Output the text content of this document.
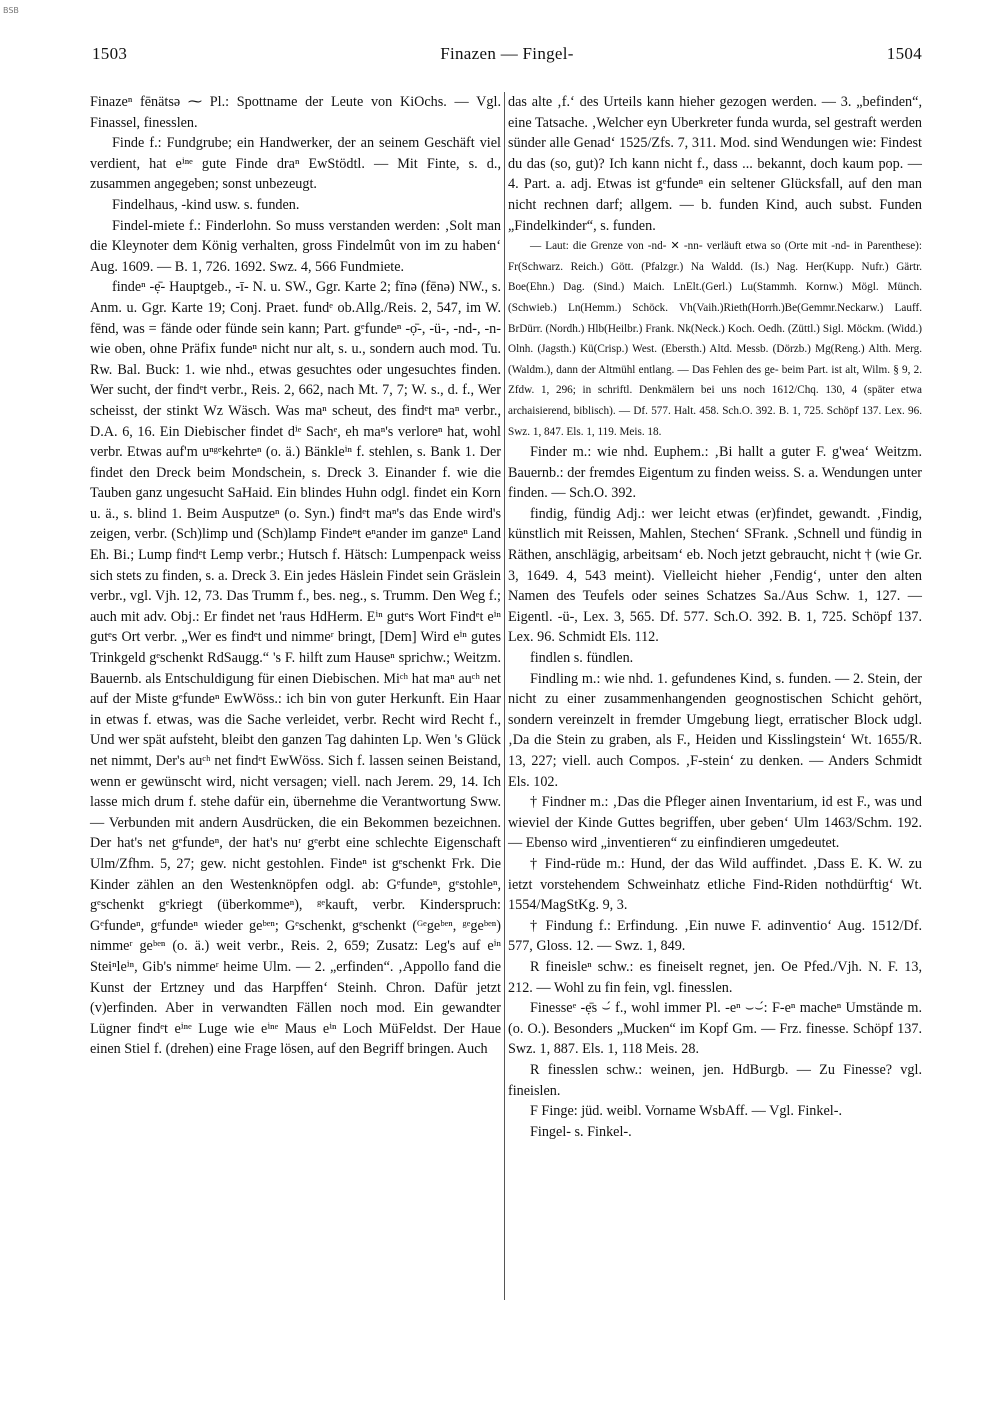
BSB
1503	Finazen — Fingel-	1504

Finazeⁿ fēnätsə ⁓ Pl.: Spottname der Leute von KiOchs. — Vgl. Finassel, finesslen.

Finde f.: Fundgrube; ein Handwerker, der an seinem Geschäft viel verdient, hat eⁱⁿᵉ gute Finde draⁿ EwStödtl. — Mit Finte, s. d., zusammen angegeben; sonst unbezeugt.

Findelhaus, -kind usw. s. funden.

Findel-miete f.: Finderlohn. So muss verstanden werden: ‚Solt man die Kleynoter dem König verhalten, gross Findelmût von im zu haben‘ Aug. 1609. — B. 1, 726. 1692. Swz. 4, 566 Fundmiete.

findeⁿ -ẹ̄- Hauptgeb., -ī- N. u. SW., Ggr. Karte 2; fīnə (fēnə) NW., s. Anm. u. Ggr. Karte 19; Conj. Praet. fundᵉ ob.Allg./Reis. 2, 547, im W. fēnd, was = fände oder fünde sein kann; Part. gᵉfundeⁿ -ọ̄-, -ü-, -nd-, -n- wie oben, ohne Präfix fundeⁿ nicht nur alt, s. u., sondern auch mod. Tu. Rw. Bal. Buck: 1. wie nhd., etwas gesuchtes oder ungesuchtes finden. Wer sucht, der findᵉt verbr., Reis. 2, 662, nach Mt. 7, 7; W. s., d. f., Wer scheisst, der stinkt Wz Wäsch. Was maⁿ scheut, des findᵉt maⁿ verbr., D.A. 6, 16. Ein Diebischer findet dⁱᵉ Sachᵉ, eh maⁿ's verloreⁿ hat, wohl verbr. Etwas auf'm uⁿᵍᵉkehrteⁿ (o. ä.) Bänkleⁱⁿ f. stehlen, s. Bank 1. Der findet den Dreck beim Mondschein, s. Dreck 3. Einander f. wie die Tauben ganz ungesucht SaHaid. Ein blindes Huhn odgl. findet ein Korn u. ä., s. blind 1. Beim Ausputzeⁿ (o. Syn.) findᵉt maⁿ's das Ende wird's zeigen, verbr. (Sch)limp und (Sch)lamp Findeⁿt eⁿander im ganzeⁿ Land Eh. Bi.; Lump findᵉt Lemp verbr.; Hutsch f. Hätsch: Lumpenpack weiss sich stets zu finden, s. a. Dreck 3. Ein jedes Häslein Findet sein Gräslein verbr., vgl. Vjh. 12, 73. Das Trumm f., bes. neg., s. Trumm. Den Weg f.; auch mit adv. Obj.: Er findet net 'raus HdHerm. Eⁱⁿ gutᵉs Wort Findᵉt eⁱⁿ gutᵉs Ort verbr. „Wer es findᵉt und nimmeʳ bringt, [Dem] Wird eⁱⁿ gutes Trinkgeld gᵉschenkt RdSaugg.“ 's F. hilft zum Hauseⁿ sprichw.; Weitzm. Bauernb. als Entschuldigung für einen Diebischen. Miᶜʰ hat maⁿ auᶜʰ net auf der Miste gᵉfundeⁿ EwWöss.: ich bin von guter Herkunft. Ein Haar in etwas f. etwas, was die Sache verleidet, verbr. Recht wird Recht f., Und wer spät aufsteht, bleibt den ganzen Tag dahinten Lp. Wen 's Glück net nimmt, Der's auᶜʰ net findᵉt EwWöss. Sich f. lassen seinen Beistand, wenn er gewünscht wird, nicht versagen; viell. nach Jerem. 29, 14. Ich lasse mich drum f. stehe dafür ein, übernehme die Verantwortung Sww. — Verbunden mit andern Ausdrücken, die ein Bekommen bezeichnen. Der hat's net gᵉfundeⁿ, der hat's nuʳ gᵉerbt eine schlechte Eigenschaft Ulm/Zfhm. 5, 27; gew. nicht gestohlen. Findeⁿ ist gᵉschenkt Frk. Die Kinder zählen an den Westenknöpfen odgl. ab: Gᵉfundeⁿ, gᵉstohleⁿ, gᵉschenkt gᵉkriegt (überkommeⁿ), ᵍᵉkauft, verbr. Kinderspruch: Gᵉfundeⁿ, gᵉfundeⁿ wieder geᵇᵉⁿ; Gᵉschenkt, gᵉschenkt (ᴳᵉgeᵇᵉⁿ, ᵍᵉgeᵇᵉⁿ) nimmeʳ geᵇᵉⁿ (o. ä.) weit verbr., Reis. 2, 659; Zusatz: Leg's auf eⁱⁿ Steiⁿleⁱⁿ, Gib's nimmeʳ heime Ulm. — 2. „erfinden“. ‚Appollo fand die Kunst der Ertzney und das Harpffen‘ Steinh. Chron. Dafür jetzt (v)erfinden. Aber in verwandten Fällen noch mod. Ein gewandter Lügner findᵉt eⁱⁿᵉ Luge wie eⁱⁿᵉ Maus eⁱⁿ Loch MüFeldst. Der Haue einen Stiel f. (drehen) eine Frage lösen, auf den Begriff bringen. Auch

das alte ‚f.‘ des Urteils kann hieher gezogen werden. — 3. „befinden“, eine Tatsache. ‚Welcher eyn Uberkreter funda wurda, sel gestraft werden sünder alle Genad‘ 1525/Zfs. 7, 311. Mod. sind Wendungen wie: Findest du das (so, gut)? Ich kann nicht f., dass ... bekannt, doch kaum pop. — 4. Part. a. adj. Etwas ist gᵉfundeⁿ ein seltener Glücksfall, auf den man nicht rechnen darf; allgem. — b. funden Kind, auch subst. Funden „Findelkinder“, s. funden.

— Laut: die Grenze von -nd- ✕ -nn- verläuft etwa so (Orte mit -nd- in Parenthese): Fr(Schwarz. Reich.) Gött. (Pfalzgr.) Na Waldd. (Is.) Nag. Her(Kupp. Nufr.) Gärtr. Boe(Ehn.) Dag. (Sind.) Maich. LnElt.(Gerl.) Lu(Stammh. Kornw.) Mögl. Münch.(Schwieb.) Ln(Hemm.) Schöck. Vh(Vaih.)Rieth(Horrh.)Be(Gemmr.Neckarw.) Lauff. BrDürr. (Nordh.) Hlb(Heilbr.) Frank. Nk(Neck.) Koch. Oedh. (Züttl.) Sigl. Möckm. (Widd.) Olnh. (Jagsth.) Kü(Crisp.) West. (Ebersth.) Altd. Messb. (Dörzb.) Mg(Reng.) Alth. Merg. (Waldm.), dann der Altmühl entlang. — Das Fehlen des ge- beim Part. ist alt, Wilm. § 9, 2. Zfdw. 1, 296; in schriftl. Denkmälern bei uns noch 1612/Chq. 130, 4 (später etwa archaisierend, biblisch). — Df. 577. Halt. 458. Sch.O. 392. B. 1, 725. Schöpf 137. Lex. 96. Swz. 1, 847. Els. 1, 119. Meis. 18.

Finder m.: wie nhd. Euphem.: ‚Bi hallt a guter F. g'wea‘ Weitzm. Bauernb.: der fremdes Eigentum zu finden weiss. S. a. Wendungen unter finden. — Sch.O. 392.

findig, fündig Adj.: wer leicht etwas (er)findet, gewandt. ‚Findig, künstlich mit Reissen, Mahlen, Stechen‘ SFrank. ‚Schnell und fündig in Räthen, anschlägig, arbeitsam‘ eb. Noch jetzt gebraucht, nicht † (wie Gr. 3, 1649. 4, 543 meint). Vielleicht hieher ‚Fendig‘, unter den alten Namen des Teufels oder seines Schatzes Sa./Aus Schw. 1, 127. — Eigentl. -ü-, Lex. 3, 565. Df. 577. Sch.O. 392. B. 1, 725. Schöpf 137. Lex. 96. Schmidt Els. 112.

findlen s. fündlen.

Findling m.: wie nhd. 1. gefundenes Kind, s. funden. — 2. Stein, der nicht zu einer zusammenhangenden geognostischen Schicht gehört, sondern vereinzelt in fremder Umgebung liegt, erratischer Block udgl. ‚Da die Stein zu graben, als F., Heiden und Kisslingstein‘ Wt. 1655/R. 13, 227; viell. auch Compos. ‚F-stein‘ zu denken. — Anders Schmidt Els. 102.

† Findner m.: ‚Das die Pfleger ainen Inventarium, id est F., was und wieviel der Kinde Guttes begriffen, uber geben‘ Ulm 1463/Schm. 192. — Ebenso wird „inventieren“ zu einfindieren umgedeutet.

† Find-rüde m.: Hund, der das Wild auffindet. ‚Dass E. K. W. zu ietzt vorstehendem Schweinhatz etliche Find-Riden nothdürftig‘ Wt. 1554/MagStKg. 9, 3.

† Findung f.: Erfindung. ‚Ein nuwe F. adinventio‘ Aug. 1512/Df. 577, Gloss. 12. — Swz. 1, 849.

R fineisleⁿ schw.: es fineiselt regnet, jen. Oe Pfed./Vjh. N. F. 13, 212. — Wohl zu fin fein, vgl. finesslen.

Finesseᵉ -ẹ̄s ⌣́ f., wohl immer Pl. -eⁿ ⌣⌣́: F-eⁿ macheⁿ Umstände m. (o. O.). Besonders „Mucken“ im Kopf Gm. — Frz. finesse. Schöpf 137. Swz. 1, 887. Els. 1, 118 Meis. 28.

R finesslen schw.: weinen, jen. HdBurgb. — Zu Finesse? vgl. fineislen.

F Finge: jüd. weibl. Vorname WsbAff. — Vgl. Finkel-.

Fingel- s. Finkel-.
